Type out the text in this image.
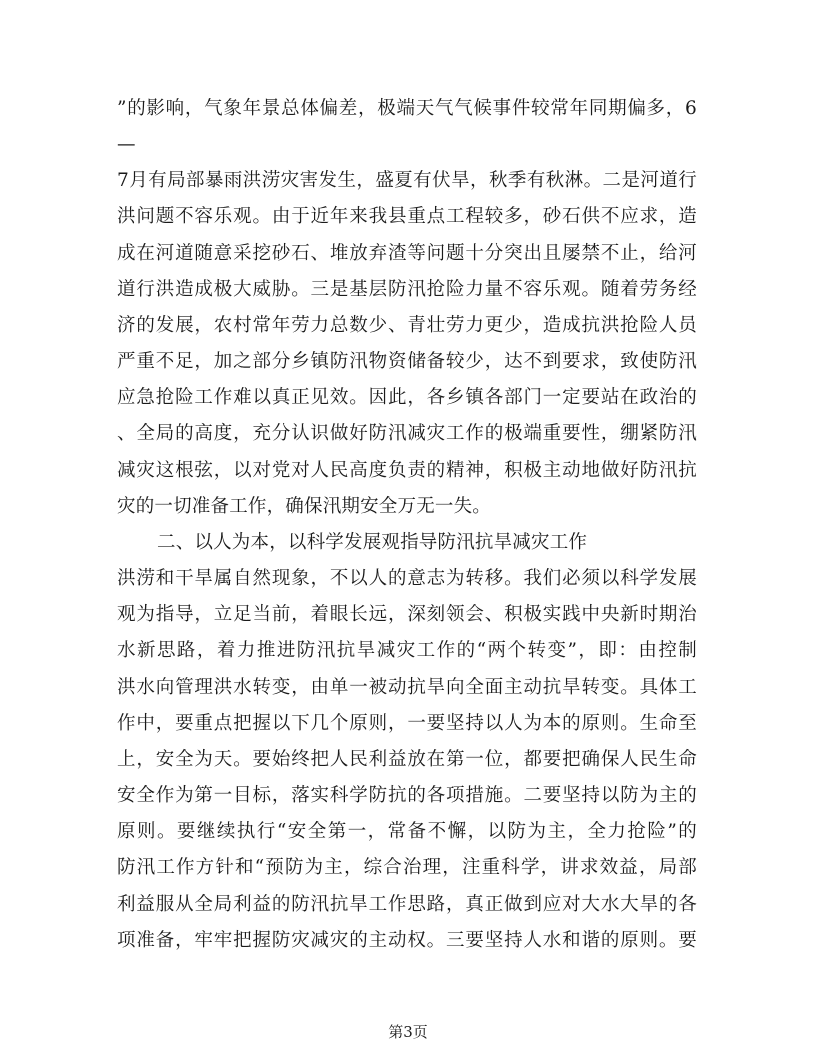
”的影响，气象年景总体偏差，极端天气气候事件较常年同期偏多，6
—
7月有局部暴雨洪涝灾害发生，盛夏有伏旱，秋季有秋淋。二是河道行
洪问题不容乐观。由于近年来我县重点工程较多，砂石供不应求，造
成在河道随意采挖砂石、堆放弃渣等问题十分突出且屡禁不止，给河
道行洪造成极大威胁。三是基层防汛抢险力量不容乐观。随着劳务经
济的发展，农村常年劳力总数少、青壮劳力更少，造成抗洪抢险人员
严重不足，加之部分乡镇防汛物资储备较少，达不到要求，致使防汛
应急抢险工作难以真正见效。因此，各乡镇各部门一定要站在政治的
、全局的高度，充分认识做好防汛减灾工作的极端重要性，绷紧防汛
减灾这根弦，以对党对人民高度负责的精神，积极主动地做好防汛抗
灾的一切准备工作，确保汛期安全万无一失。
二、以人为本，以科学发展观指导防汛抗旱减灾工作
洪涝和干旱属自然现象，不以人的意志为转移。我们必须以科学发展
观为指导，立足当前，着眼长远，深刻领会、积极实践中央新时期治
水新思路，着力推进防汛抗旱减灾工作的“两个转变”，即：由控制
洪水向管理洪水转变，由单一被动抗旱向全面主动抗旱转变。具体工
作中，要重点把握以下几个原则，一要坚持以人为本的原则。生命至
上，安全为天。要始终把人民利益放在第一位，都要把确保人民生命
安全作为第一目标，落实科学防抗的各项措施。二要坚持以防为主的
原则。要继续执行“安全第一，常备不懈，以防为主，全力抢险”的
防汛工作方针和“预防为主，综合治理，注重科学，讲求效益，局部
利益服从全局利益的防汛抗旱工作思路，真正做到应对大水大旱的各
项准备，牢牢把握防灾减灾的主动权。三要坚持人水和谐的原则。要
第3页
